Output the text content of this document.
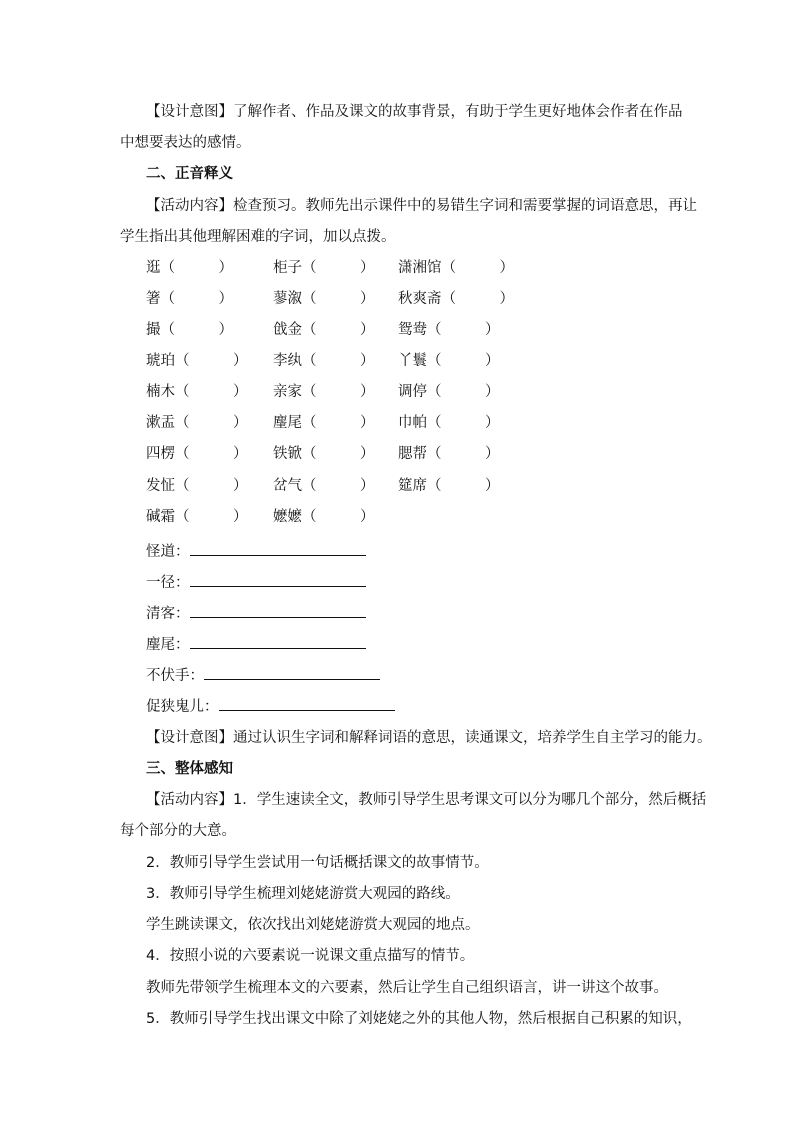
【设计意图】了解作者、作品及课文的故事背景，有助于学生更好地体会作者在作品
中想要表达的感情。
二、正音释义
【活动内容】检查预习。教师先出示课件中的易错生字词和需要掌握的词语意思，再让
学生指出其他理解困难的字词，加以点拨。
逛（　　　）
箸（　　　）
撮（　　　）
琥珀（　　　）
楠木（　　　）
漱盂（　　　）
四楞（　　　）
发怔（　　　）
碱霜（　　　）
柜子（　　　）
蓼溆（　　　）
戗金（　　　）
李纨（　　　）
亲家（　　　）
麈尾（　　　）
铁锨（　　　）
岔气（　　　）
嬷嬷（　　　）
潇湘馆（　　　）
秋爽斋（　　　）
鸳鸯（　　　）
丫鬟（　　　）
调停（　　　）
巾帕（　　　）
腮帮（　　　）
筵席（　　　）
怪道：
一径：
清客：
麈尾：
不伏手：
促狭鬼儿：
【设计意图】通过认识生字词和解释词语的意思，读通课文，培养学生自主学习的能力。
三、整体感知
【活动内容】1．学生速读全文，教师引导学生思考课文可以分为哪几个部分，然后概括
每个部分的大意。
2．教师引导学生尝试用一句话概括课文的故事情节。
3．教师引导学生梳理刘姥姥游赏大观园的路线。
学生跳读课文，依次找出刘姥姥游赏大观园的地点。
4．按照小说的六要素说一说课文重点描写的情节。
教师先带领学生梳理本文的六要素，然后让学生自己组织语言，讲一讲这个故事。
5．教师引导学生找出课文中除了刘姥姥之外的其他人物，然后根据自己积累的知识，
